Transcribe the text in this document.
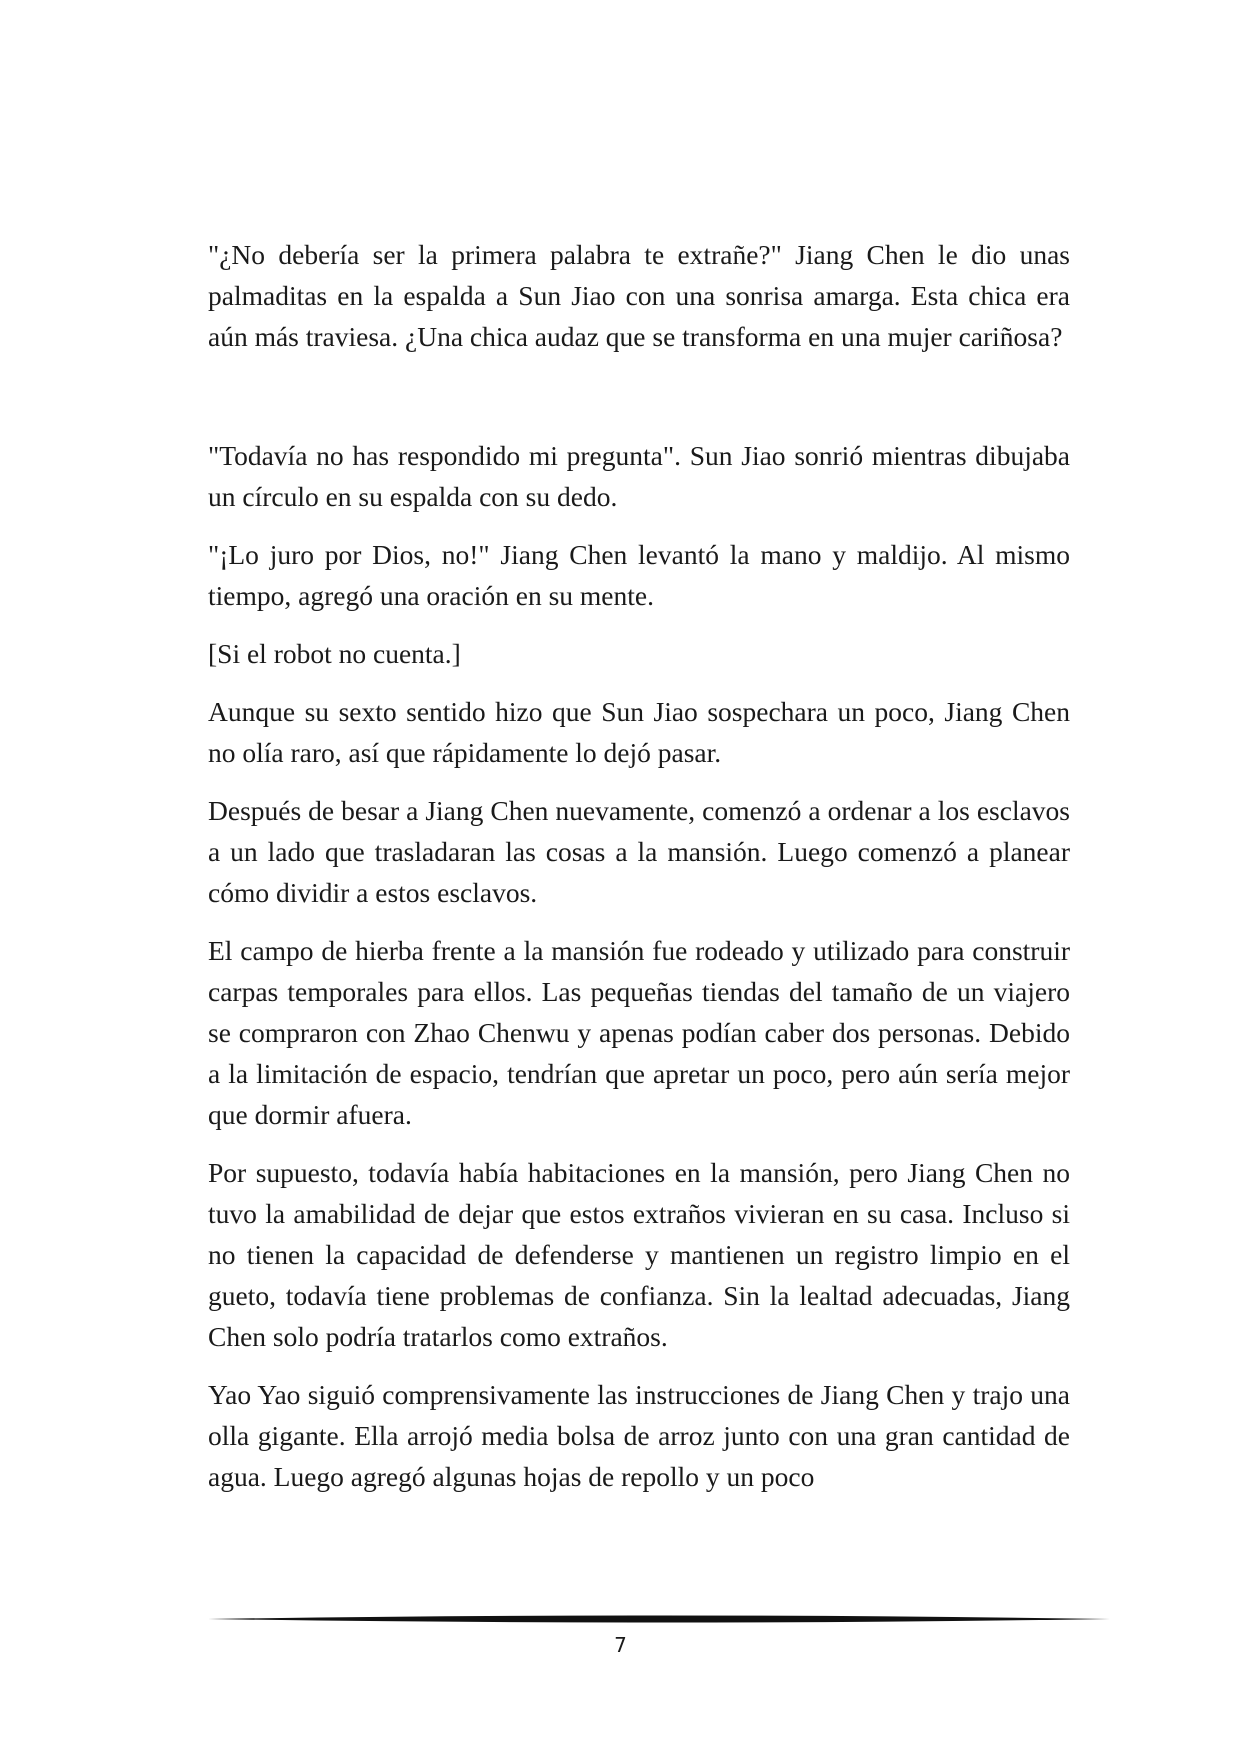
"¿No debería ser la primera palabra te extrañe?" Jiang Chen le dio unas palmaditas en la espalda a Sun Jiao con una sonrisa amarga. Esta chica era aún más traviesa. ¿Una chica audaz que se transforma en una mujer cariñosa?

"Todavía no has respondido mi pregunta". Sun Jiao sonrió mientras dibujaba un círculo en su espalda con su dedo.

"¡Lo juro por Dios, no!" Jiang Chen levantó la mano y maldijo. Al mismo tiempo, agregó una oración en su mente.

[Si el robot no cuenta.]

Aunque su sexto sentido hizo que Sun Jiao sospechara un poco, Jiang Chen no olía raro, así que rápidamente lo dejó pasar.

Después de besar a Jiang Chen nuevamente, comenzó a ordenar a los esclavos a un lado que trasladaran las cosas a la mansión. Luego comenzó a planear cómo dividir a estos esclavos.

El campo de hierba frente a la mansión fue rodeado y utilizado para construir carpas temporales para ellos. Las pequeñas tiendas del tamaño de un viajero se compraron con Zhao Chenwu y apenas podían caber dos personas. Debido a la limitación de espacio, tendrían que apretar un poco, pero aún sería mejor que dormir afuera.

Por supuesto, todavía había habitaciones en la mansión, pero Jiang Chen no tuvo la amabilidad de dejar que estos extraños vivieran en su casa. Incluso si no tienen la capacidad de defenderse y mantienen un registro limpio en el gueto, todavía tiene problemas de confianza. Sin la lealtad adecuadas, Jiang Chen solo podría tratarlos como extraños.

Yao Yao siguió comprensivamente las instrucciones de Jiang Chen y trajo una olla gigante. Ella arrojó media bolsa de arroz junto con una gran cantidad de agua. Luego agregó algunas hojas de repollo y un poco

7
